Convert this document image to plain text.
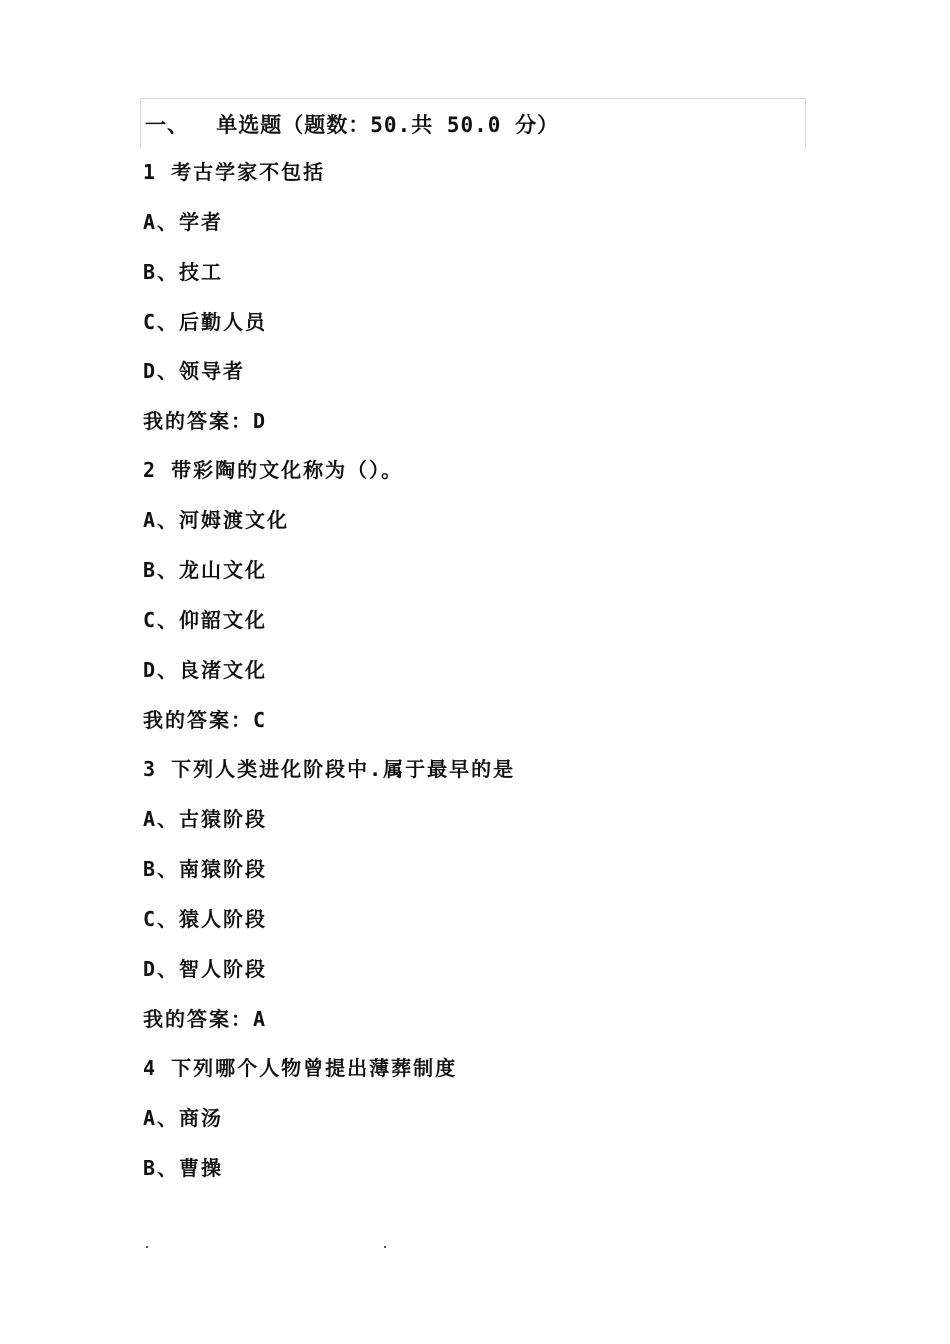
一、  单选题（题数：50.共 50.0 分）
1 考古学家不包括
A、学者
B、技工
C、后勤人员
D、领导者
我的答案：D
2 带彩陶的文化称为（）。
A、河姆渡文化
B、龙山文化
C、仰韶文化
D、良渚文化
我的答案：C
3 下列人类进化阶段中.属于最早的是
A、古猿阶段
B、南猿阶段
C、猿人阶段
D、智人阶段
我的答案：A
4 下列哪个人物曾提出薄葬制度
A、商汤
B、曹操
